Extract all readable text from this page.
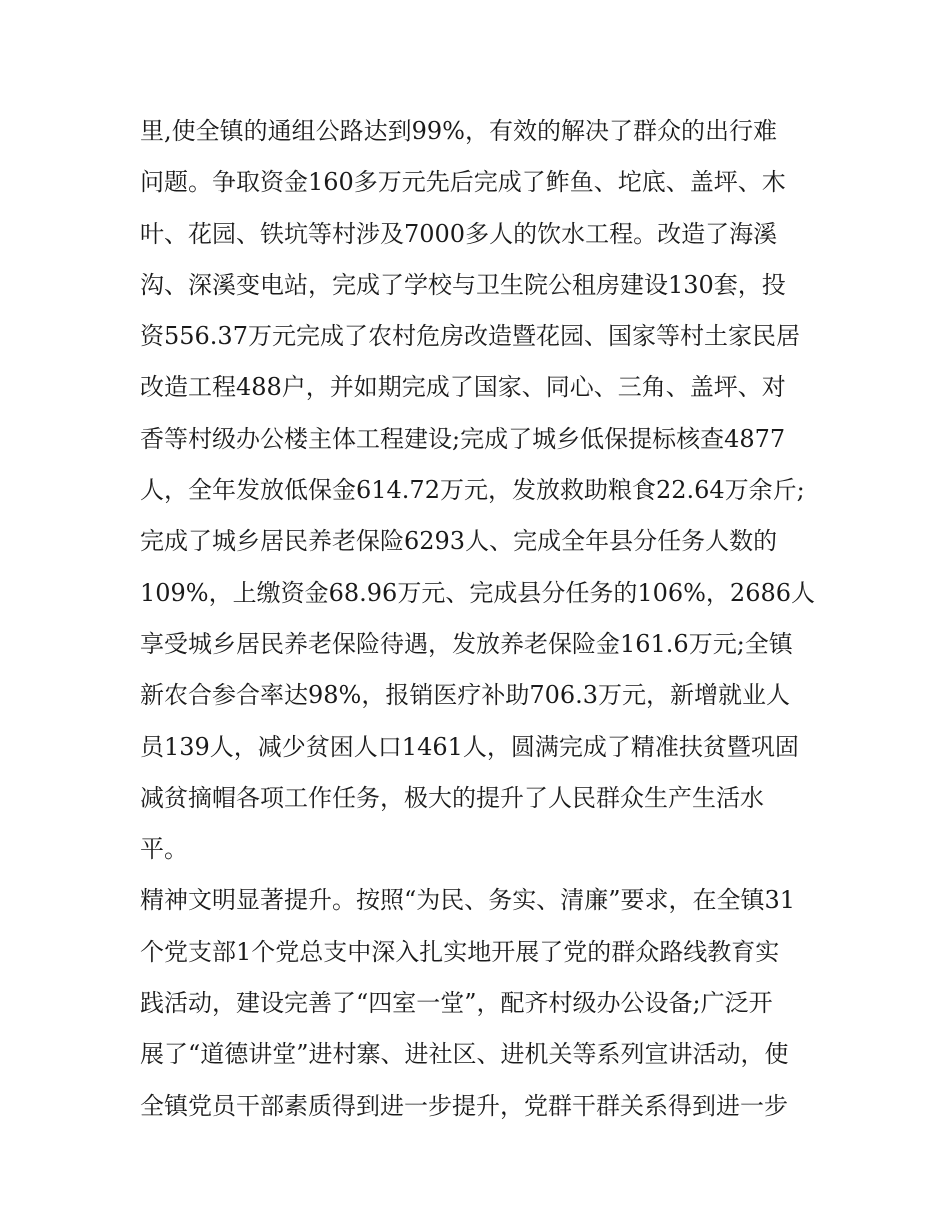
里,使全镇的通组公路达到99%，有效的解决了群众的出行难
问题。争取资金160多万元先后完成了鲊鱼、坨底、盖坪、木
叶、花园、铁坑等村涉及7000多人的饮水工程。改造了海溪
沟、深溪变电站，完成了学校与卫生院公租房建设130套，投
资556.37万元完成了农村危房改造暨花园、国家等村土家民居
改造工程488户，并如期完成了国家、同心、三角、盖坪、对
香等村级办公楼主体工程建设;完成了城乡低保提标核查4877
人，全年发放低保金614.72万元，发放救助粮食22.64万余斤;
完成了城乡居民养老保险6293人、完成全年县分任务人数的
109%，上缴资金68.96万元、完成县分任务的106%，2686人
享受城乡居民养老保险待遇，发放养老保险金161.6万元;全镇
新农合参合率达98%，报销医疗补助706.3万元，新增就业人
员139人，减少贫困人口1461人，圆满完成了精准扶贫暨巩固
减贫摘帽各项工作任务，极大的提升了人民群众生产生活水
平。
精神文明显著提升。按照“为民、务实、清廉”要求，在全镇31
个党支部1个党总支中深入扎实地开展了党的群众路线教育实
践活动，建设完善了“四室一堂”，配齐村级办公设备;广泛开
展了“道德讲堂”进村寨、进社区、进机关等系列宣讲活动，使
全镇党员干部素质得到进一步提升，党群干群关系得到进一步
